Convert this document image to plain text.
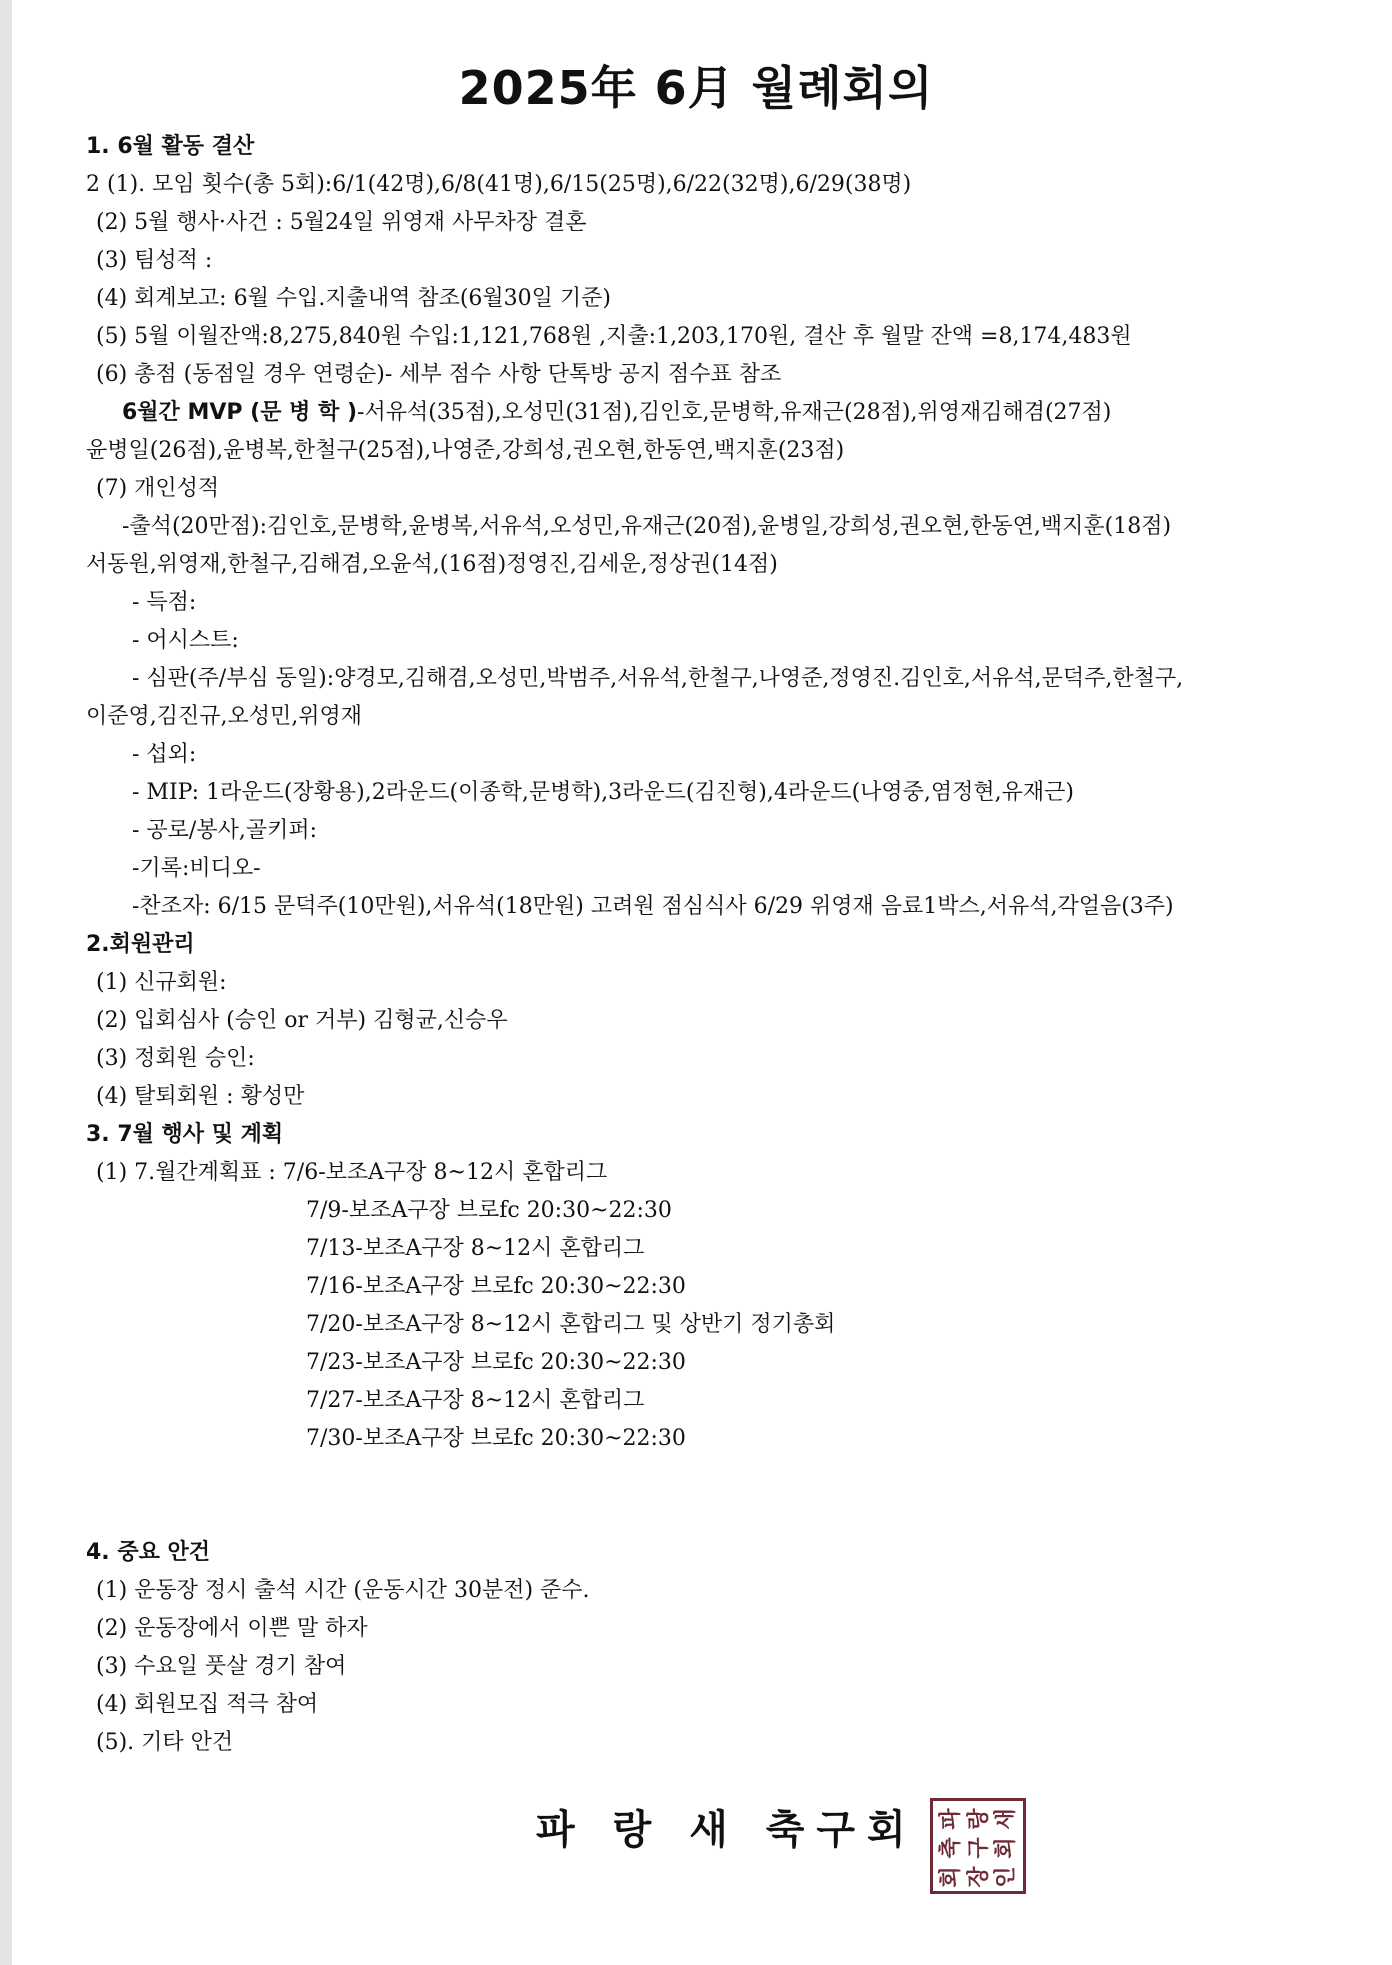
2025年 6月 월례회의
1. 6월 활동 결산
2 (1). 모임 횟수(총 5회):6/1(42명),6/8(41명),6/15(25명),6/22(32명),6/29(38명)
(2) 5월 행사·사건 : 5월24일 위영재 사무차장 결혼
(3) 팀성적 :
(4) 회계보고: 6월 수입.지출내역 참조(6월30일 기준)
(5) 5월 이월잔액:8,275,840원 수입:1,121,768원 ,지출:1,203,170원, 결산 후 월말 잔액 =8,174,483원
(6) 총점 (동점일 경우 연령순)- 세부 점수 사항 단톡방 공지 점수표 참조
6월간 MVP (문 병 학 )-서유석(35점),오성민(31점),김인호,문병학,유재근(28점),위영재김해겸(27점)
윤병일(26점),윤병복,한철구(25점),나영준,강희성,권오현,한동연,백지훈(23점)
(7) 개인성적
-출석(20만점):김인호,문병학,윤병복,서유석,오성민,유재근(20점),윤병일,강희성,권오현,한동연,백지훈(18점)
서동원,위영재,한철구,김해겸,오윤석,(16점)정영진,김세운,정상권(14점)
- 득점:
- 어시스트:
- 심판(주/부심 동일):양경모,김해겸,오성민,박범주,서유석,한철구,나영준,정영진.김인호,서유석,문덕주,한철구,
이준영,김진규,오성민,위영재
- 섭외:
- MIP: 1라운드(장황용),2라운드(이종학,문병학),3라운드(김진형),4라운드(나영중,염정현,유재근)
- 공로/봉사,골키퍼:
-기록:비디오-
-찬조자: 6/15 문덕주(10만원),서유석(18만원) 고려원 점심식사 6/29 위영재 음료1박스,서유석,각얼음(3주)
2.회원관리
(1) 신규회원:
(2) 입회심사 (승인 or 거부) 김형균,신승우
(3) 정회원 승인:
(4) 탈퇴회원 : 황성만
3. 7월 행사 및 계획
(1) 7.월간계획표 : 7/6-보조A구장 8~12시 혼합리그
7/9-보조A구장 브로fc 20:30~22:30
7/13-보조A구장 8~12시 혼합리그
7/16-보조A구장 브로fc 20:30~22:30
7/20-보조A구장 8~12시 혼합리그 및 상반기 정기총회
7/23-보조A구장 브로fc 20:30~22:30
7/27-보조A구장 8~12시 혼합리그
7/30-보조A구장 브로fc 20:30~22:30
4. 중요 안건
(1) 운동장 정시 출석 시간 (운동시간 30분전) 준수.
(2) 운동장에서 이쁜 말 하자
(3) 수요일 풋살 경기 참여
(4) 회원모집 적극 참여
(5). 기타 안건
파 랑 새 축구회 파 랑 새
축 구 회
회 장 인
